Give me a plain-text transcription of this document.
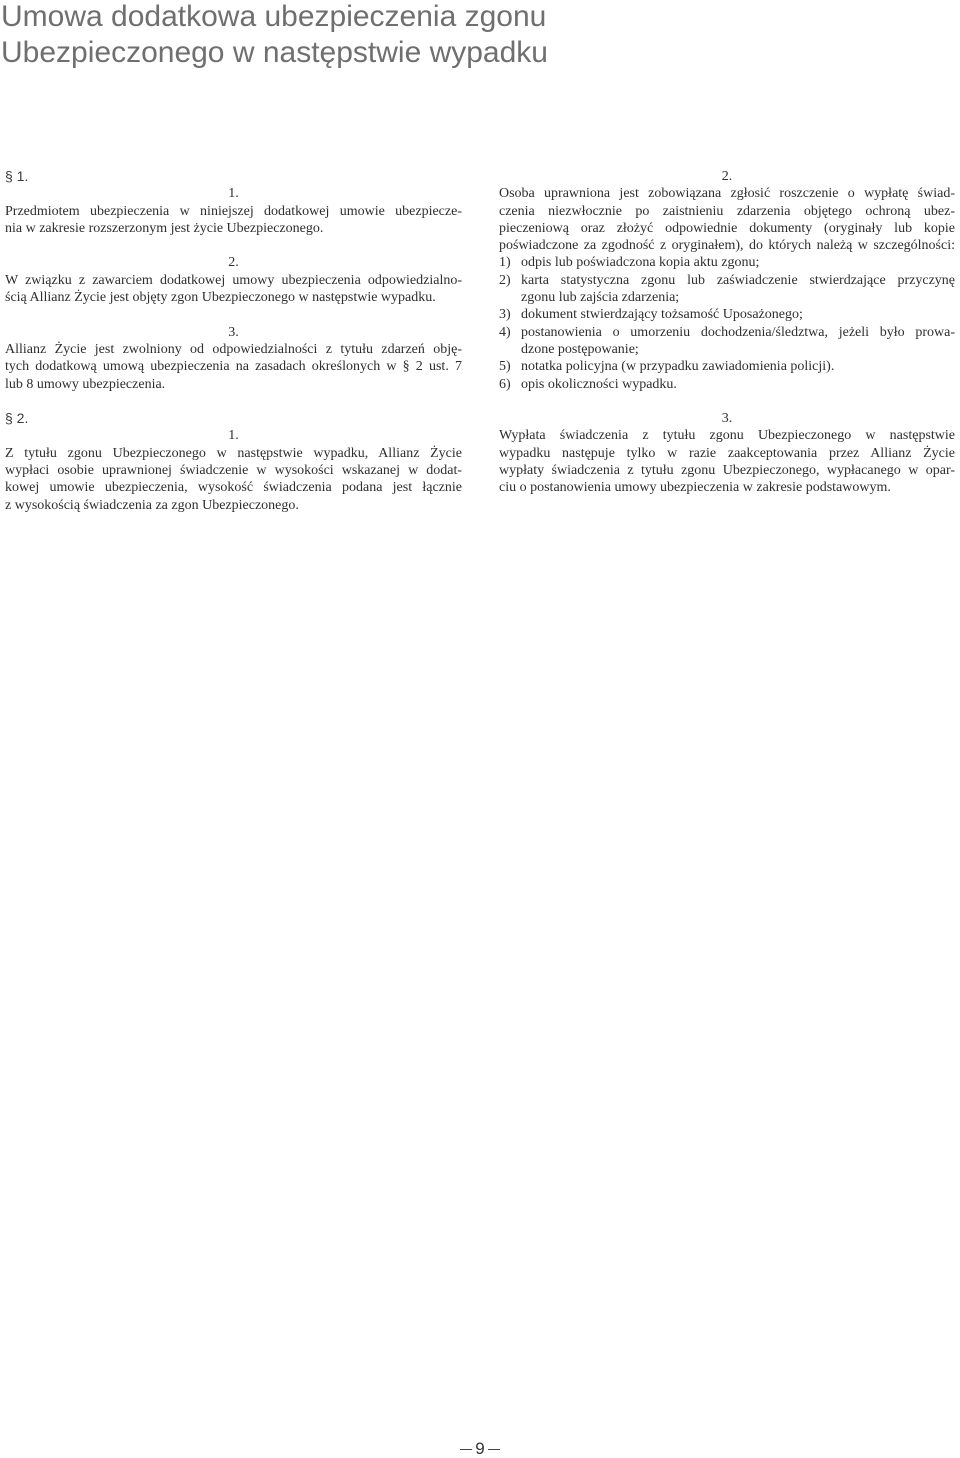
Umowa dodatkowa ubezpieczenia zgonu
Ubezpieczonego w następstwie wypadku
§ 1.
1.
Przedmiotem ubezpieczenia w niniejszej dodatkowej umowie ubezpiecze-
nia w zakresie rozszerzonym jest życie Ubezpieczonego.
2.
W związku z zawarciem dodatkowej umowy ubezpieczenia odpowiedzialno-
ścią Allianz Życie jest objęty zgon Ubezpieczonego w następstwie wypadku.
3.
Allianz Życie jest zwolniony od odpowiedzialności z tytułu zdarzeń obję-
tych dodatkową umową ubezpieczenia na zasadach określonych w § 2 ust. 7
lub 8 umowy ubezpieczenia.
§ 2.
1.
Z tytułu zgonu Ubezpieczonego w następstwie wypadku, Allianz Życie
wypłaci osobie uprawnionej świadczenie w wysokości wskazanej w dodat-
kowej umowie ubezpieczenia, wysokość świadczenia podana jest łącznie
z wysokością świadczenia za zgon Ubezpieczonego.
2.
Osoba uprawniona jest zobowiązana zgłosić roszczenie o wypłatę świad-
czenia niezwłocznie po zaistnieniu zdarzenia objętego ochroną ubez-
pieczeniową oraz złożyć odpowiednie dokumenty (oryginały lub kopie
poświadczone za zgodność z oryginałem), do których należą w szczególności:
1) odpis lub poświadczona kopia aktu zgonu;
2) karta statystyczna zgonu lub zaświadczenie stwierdzające przyczynę
zgonu lub zajścia zdarzenia;
3) dokument stwierdzający tożsamość Uposażonego;
4) postanowienia o umorzeniu dochodzenia/śledztwa, jeżeli było prowa-
dzone postępowanie;
5) notatka policyjna (w przypadku zawiadomienia policji).
6) opis okoliczności wypadku.
3.
Wypłata świadczenia z tytułu zgonu Ubezpieczonego w następstwie
wypadku następuje tylko w razie zaakceptowania przez Allianz Życie
wypłaty świadczenia z tytułu zgonu Ubezpieczonego, wypłacanego w opar-
ciu o postanowienia umowy ubezpieczenia w zakresie podstawowym.
9
